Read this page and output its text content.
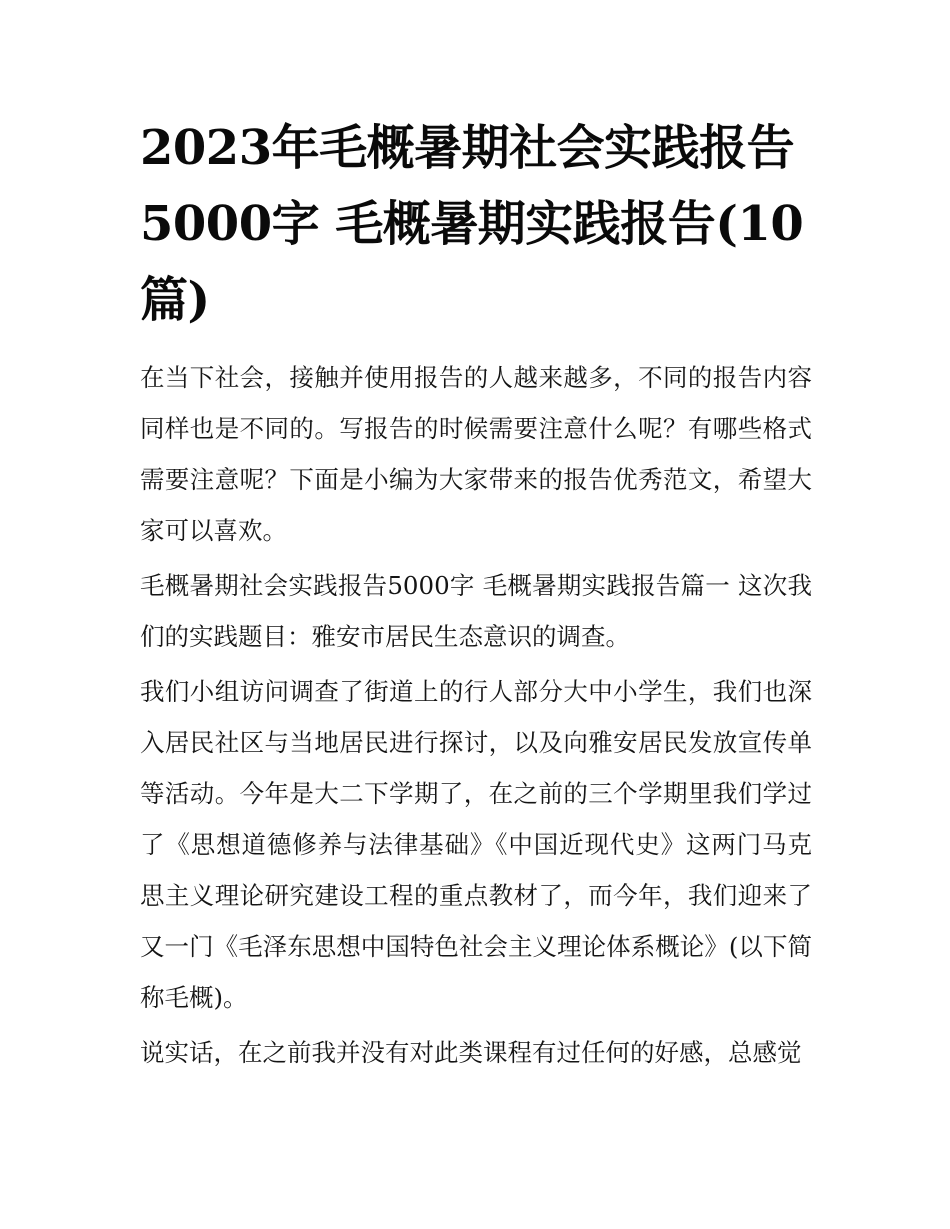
2023年毛概暑期社会实践报告5000字 毛概暑期实践报告(10篇)

在当下社会，接触并使用报告的人越来越多，不同的报告内容同样也是不同的。写报告的时候需要注意什么呢？有哪些格式需要注意呢？下面是小编为大家带来的报告优秀范文，希望大家可以喜欢。

毛概暑期社会实践报告5000字 毛概暑期实践报告篇一 这次我们的实践题目：雅安市居民生态意识的调查。

我们小组访问调查了街道上的行人部分大中小学生，我们也深入居民社区与当地居民进行探讨，以及向雅安居民发放宣传单等活动。今年是大二下学期了，在之前的三个学期里我们学过了《思想道德修养与法律基础》《中国近现代史》这两门马克思主义理论研究建设工程的重点教材了，而今年，我们迎来了又一门《毛泽东思想中国特色社会主义理论体系概论》(以下简称毛概)。

说实话，在之前我并没有对此类课程有过任何的好感，总感觉
